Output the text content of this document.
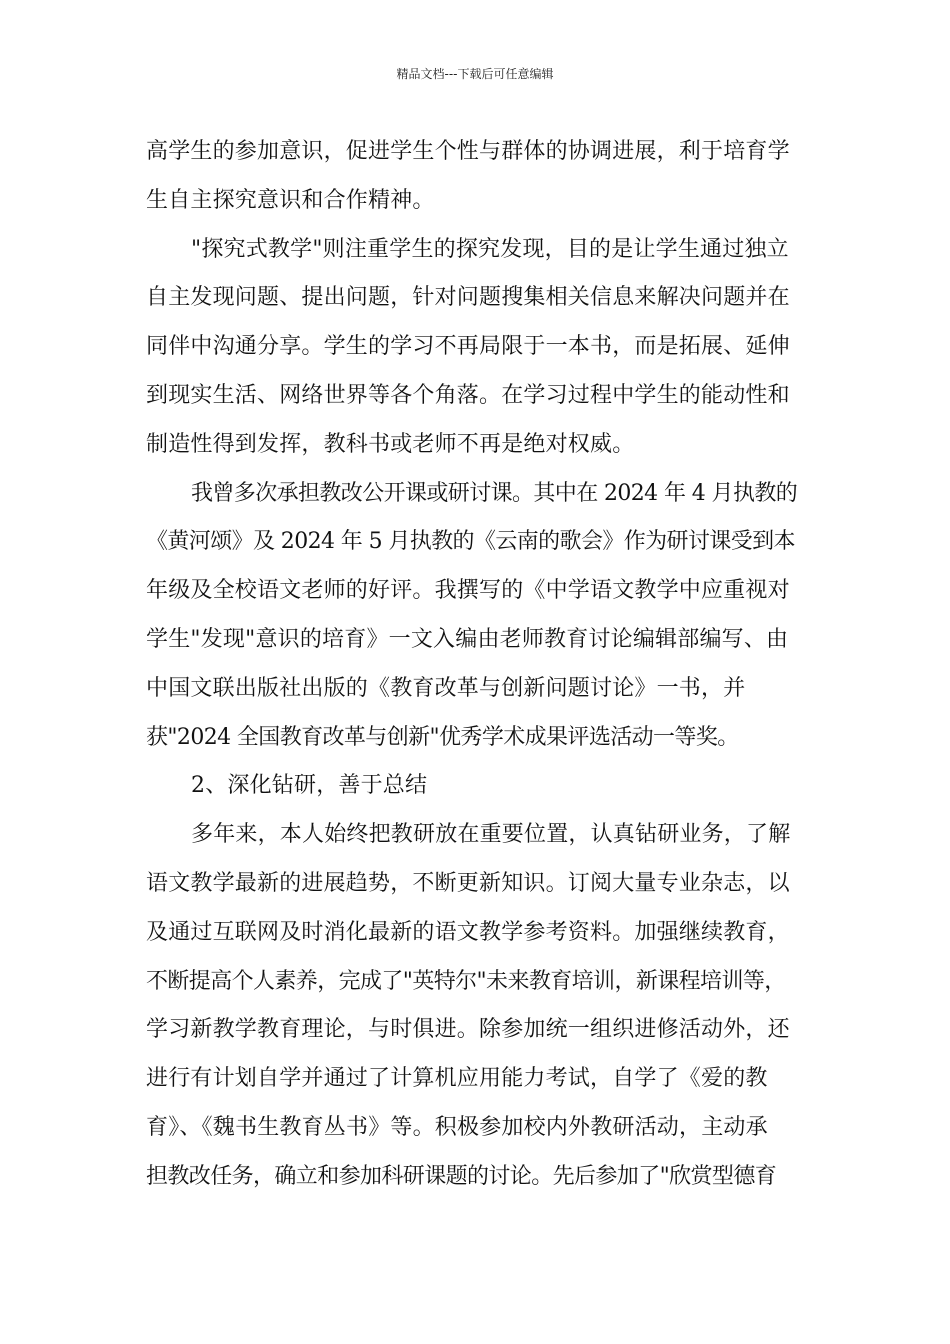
精品文档---下载后可任意编辑
高学生的参加意识，促进学生个性与群体的协调进展，利于培育学
生自主探究意识和合作精神。
"探究式教学"则注重学生的探究发现，目的是让学生通过独立
自主发现问题、提出问题，针对问题搜集相关信息来解决问题并在
同伴中沟通分享。学生的学习不再局限于一本书，而是拓展、延伸
到现实生活、网络世界等各个角落。在学习过程中学生的能动性和
制造性得到发挥，教科书或老师不再是绝对权威。
我曾多次承担教改公开课或研讨课。其中在 2024 年 4 月执教的
《黄河颂》及 2024 年 5 月执教的《云南的歌会》作为研讨课受到本
年级及全校语文老师的好评。我撰写的《中学语文教学中应重视对
学生"发现"意识的培育》一文入编由老师教育讨论编辑部编写、由
中国文联出版社出版的《教育改革与创新问题讨论》一书，并
获"2024 全国教育改革与创新"优秀学术成果评选活动一等奖。
2、深化钻研，善于总结
多年来，本人始终把教研放在重要位置，认真钻研业务，了解
语文教学最新的进展趋势，不断更新知识。订阅大量专业杂志，以
及通过互联网及时消化最新的语文教学参考资料。加强继续教育，
不断提高个人素养，完成了"英特尔"未来教育培训，新课程培训等，
学习新教学教育理论，与时俱进。除参加统一组织进修活动外，还
进行有计划自学并通过了计算机应用能力考试，自学了《爱的教
育》、《魏书生教育丛书》等。积极参加校内外教研活动，主动承
担教改任务，确立和参加科研课题的讨论。先后参加了"欣赏型德育
